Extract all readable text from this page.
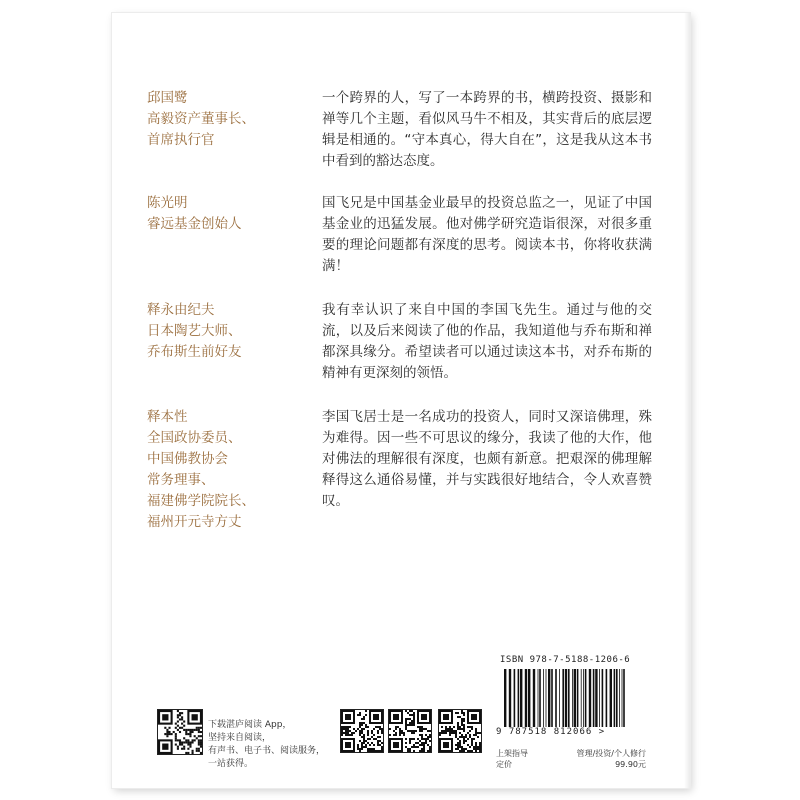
邱国鹭

高毅资产董事长、

首席执行官

一个跨界的人，写了一本跨界的书，横跨投资、摄影和禅等几个主题，看似风马牛不相及，其实背后的底层逻辑是相通的。“守本真心，得大自在”，这是我从这本书中看到的豁达态度。

陈光明

睿远基金创始人

国飞兄是中国基金业最早的投资总监之一，见证了中国基金业的迅猛发展。他对佛学研究造诣很深，对很多重要的理论问题都有深度的思考。阅读本书，你将收获满满！

释永由纪夫

日本陶艺大师、

乔布斯生前好友

我有幸认识了来自中国的李国飞先生。通过与他的交流，以及后来阅读了他的作品，我知道他与乔布斯和禅都深具缘分。希望读者可以通过读这本书，对乔布斯的精神有更深刻的领悟。

释本性

全国政协委员、

中国佛教协会

常务理事、

福建佛学院院长、

福州开元寺方丈

李国飞居士是一名成功的投资人，同时又深谙佛理，殊为难得。因一些不可思议的缘分，我读了他的大作，他对佛法的理解很有深度，也颇有新意。把艰深的佛理解释得这么通俗易懂，并与实践很好地结合，令人欢喜赞叹。

下载湛庐阅读 App，
坚持来自阅读，
有声书、电子书、阅读服务，
一站获得。
ISBN 978-7-5188-1206-6
9 787518 812066 >
上架指导	管理/投资/个人修行
定价	99.90元
